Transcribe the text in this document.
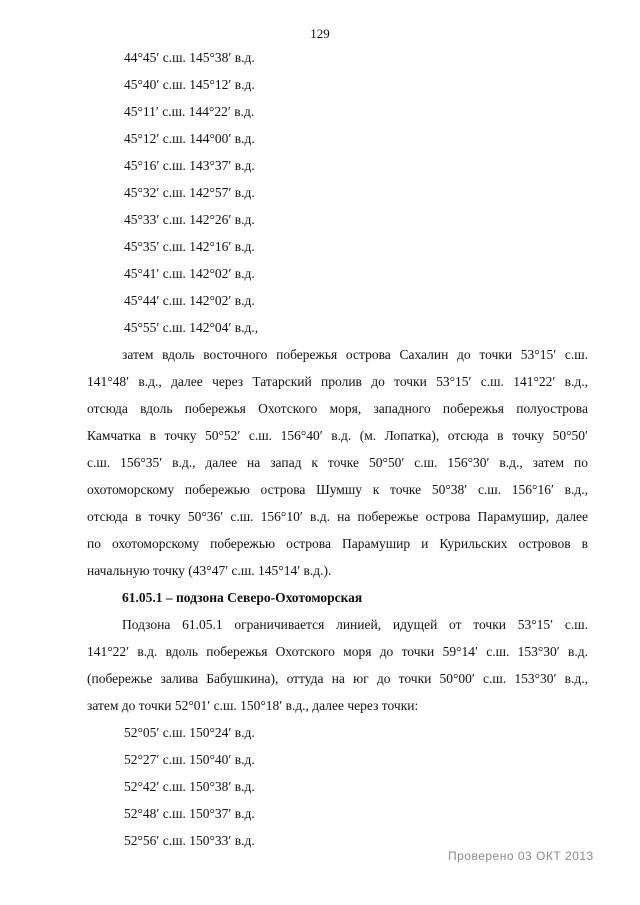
129
44°45′ с.ш. 145°38′ в.д.
45°40′ с.ш. 145°12′ в.д.
45°11′ с.ш. 144°22′ в.д.
45°12′ с.ш. 144°00′ в.д.
45°16′ с.ш. 143°37′ в.д.
45°32′ с.ш. 142°57′ в.д.
45°33′ с.ш. 142°26′ в.д.
45°35′ с.ш. 142°16′ в.д.
45°41′ с.ш. 142°02′ в.д.
45°44′ с.ш. 142°02′ в.д.
45°55′ с.ш. 142°04′ в.д.,
затем вдоль восточного побережья острова Сахалин до точки 53°15′ с.ш.
141°48′ в.д., далее через Татарский пролив до точки 53°15′ с.ш. 141°22′ в.д.,
отсюда вдоль побережья Охотского моря, западного побережья полуострова
Камчатка в точку 50°52′ с.ш. 156°40′ в.д. (м. Лопатка), отсюда в точку 50°50′
с.ш. 156°35′ в.д., далее на запад к точке 50°50′ с.ш. 156°30′ в.д., затем по
охотоморскому побережью острова Шумшу к точке 50°38′ с.ш. 156°16′ в.д.,
отсюда в точку 50°36′ с.ш. 156°10′ в.д. на побережье острова Парамушир, далее
по охотоморскому побережью острова Парамушир и Курильских островов в
начальную точку (43°47′ с.ш. 145°14′ в.д.).
61.05.1 – подзона Северо-Охотоморская
Подзона 61.05.1 ограничивается линией, идущей от точки 53°15′ с.ш.
141°22′ в.д. вдоль побережья Охотского моря до точки 59°14′ с.ш. 153°30′ в.д.
(побережье залива Бабушкина), оттуда на юг до точки 50°00′ с.ш. 153°30′ в.д.,
затем до точки 52°01′ с.ш. 150°18′ в.д., далее через точки:
52°05′ с.ш. 150°24′ в.д.
52°27′ с.ш. 150°40′ в.д.
52°42′ с.ш. 150°38′ в.д.
52°48′ с.ш. 150°37′ в.д.
52°56′ с.ш. 150°33′ в.д.
Проверено 03 ОКТ 2013
